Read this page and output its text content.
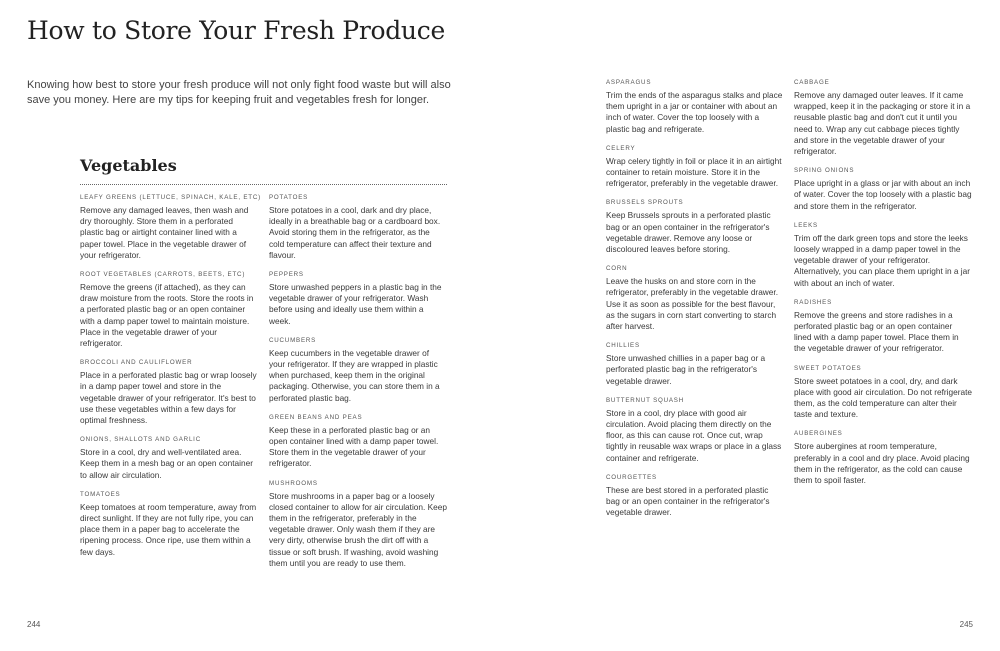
How to Store Your Fresh Produce

Knowing how best to store your fresh produce will not only fight food waste but will also save you money. Here are my tips for keeping fruit and vegetables fresh for longer.

Vegetables
LEAFY GREENS (LETTUCE, SPINACH, KALE, ETC)

Remove any damaged leaves, then wash and dry thoroughly. Store them in a perforated plastic bag or airtight container lined with a paper towel. Place in the vegetable drawer of your refrigerator.

ROOT VEGETABLES (CARROTS, BEETS, ETC)

Remove the greens (if attached), as they can draw moisture from the roots. Store the roots in a perforated plastic bag or an open container with a damp paper towel to maintain moisture. Place in the vegetable drawer of your refrigerator.

BROCCOLI AND CAULIFLOWER

Place in a perforated plastic bag or wrap loosely in a damp paper towel and store in the vegetable drawer of your refrigerator. It's best to use these vegetables within a few days for optimal freshness.

ONIONS, SHALLOTS AND GARLIC

Store in a cool, dry and well-ventilated area. Keep them in a mesh bag or an open container to allow air circulation.

TOMATOES

Keep tomatoes at room temperature, away from direct sunlight. If they are not fully ripe, you can place them in a paper bag to accelerate the ripening process. Once ripe, use them within a few days.

POTATOES

Store potatoes in a cool, dark and dry place, ideally in a breathable bag or a cardboard box. Avoid storing them in the refrigerator, as the cold temperature can affect their texture and flavour.

PEPPERS

Store unwashed peppers in a plastic bag in the vegetable drawer of your refrigerator. Wash before using and ideally use them within a week.

CUCUMBERS

Keep cucumbers in the vegetable drawer of your refrigerator. If they are wrapped in plastic when purchased, keep them in the original packaging. Otherwise, you can store them in a perforated plastic bag.

GREEN BEANS AND PEAS

Keep these in a perforated plastic bag or an open container lined with a damp paper towel. Store them in the vegetable drawer of your refrigerator.

MUSHROOMS

Store mushrooms in a paper bag or a loosely closed container to allow for air circulation. Keep them in the refrigerator, preferably in the vegetable drawer. Only wash them if they are very dirty, otherwise brush the dirt off with a tissue or soft brush. If washing, avoid washing them until you are ready to use them.

ASPARAGUS

Trim the ends of the asparagus stalks and place them upright in a jar or container with about an inch of water. Cover the top loosely with a plastic bag and refrigerate.

CELERY

Wrap celery tightly in foil or place it in an airtight container to retain moisture. Store it in the refrigerator, preferably in the vegetable drawer.

BRUSSELS SPROUTS

Keep Brussels sprouts in a perforated plastic bag or an open container in the refrigerator's vegetable drawer. Remove any loose or discoloured leaves before storing.

CORN

Leave the husks on and store corn in the refrigerator, preferably in the vegetable drawer. Use it as soon as possible for the best flavour, as the sugars in corn start converting to starch after harvest.

CHILLIES

Store unwashed chillies in a paper bag or a perforated plastic bag in the refrigerator's vegetable drawer.

BUTTERNUT SQUASH

Store in a cool, dry place with good air circulation. Avoid placing them directly on the floor, as this can cause rot. Once cut, wrap tightly in reusable wax wraps or place in a glass container and refrigerate.

COURGETTES

These are best stored in a perforated plastic bag or an open container in the refrigerator's vegetable drawer.

CABBAGE

Remove any damaged outer leaves. If it came wrapped, keep it in the packaging or store it in a reusable plastic bag and don't cut it until you need to. Wrap any cut cabbage pieces tightly and store in the vegetable drawer of your refrigerator.

SPRING ONIONS

Place upright in a glass or jar with about an inch of water. Cover the top loosely with a plastic bag and store them in the refrigerator.

LEEKS

Trim off the dark green tops and store the leeks loosely wrapped in a damp paper towel in the vegetable drawer of your refrigerator. Alternatively, you can place them upright in a jar with about an inch of water.

RADISHES

Remove the greens and store radishes in a perforated plastic bag or an open container lined with a damp paper towel. Place them in the vegetable drawer of your refrigerator.

SWEET POTATOES

Store sweet potatoes in a cool, dry, and dark place with good air circulation. Do not refrigerate them, as the cold temperature can alter their taste and texture.

AUBERGINES

Store aubergines at room temperature, preferably in a cool and dry place. Avoid placing them in the refrigerator, as the cold can cause them to spoil faster.

244	245
